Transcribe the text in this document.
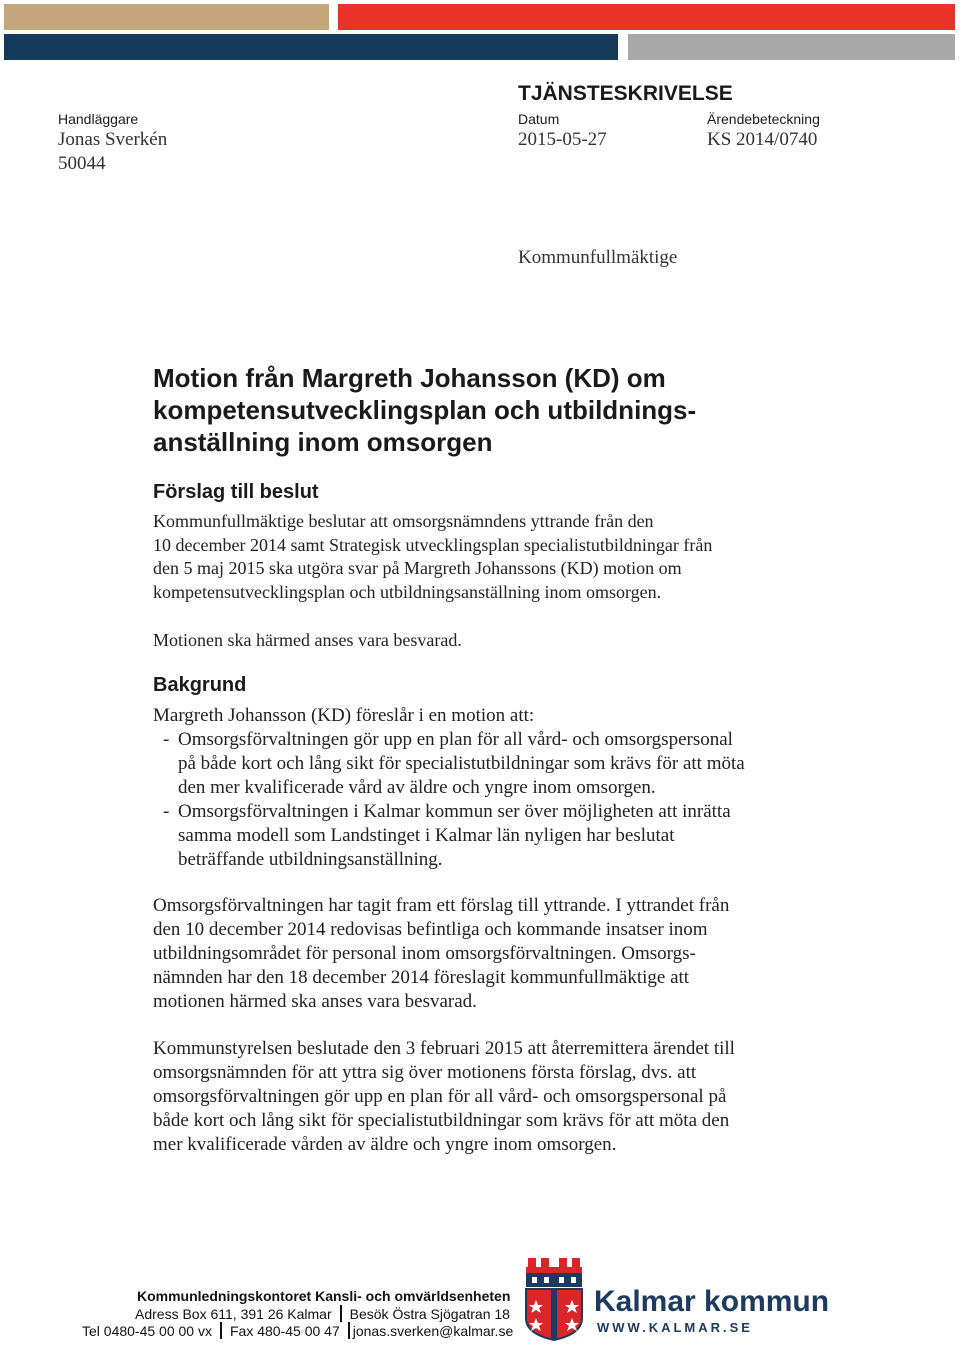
TJÄNSTESKRIVELSE
Handläggare
Jonas Sverkén
50044
Datum
2015-05-27
Ärendebeteckning
KS 2014/0740
Kommunfullmäktige
Motion från Margreth Johansson (KD) om
kompetensutvecklingsplan och utbildnings-
anställning inom omsorgen
Förslag till beslut
Kommunfullmäktige beslutar att omsorgsnämndens yttrande från den
10 december 2014 samt Strategisk utvecklingsplan specialistutbildningar från
den 5 maj 2015 ska utgöra svar på Margreth Johanssons (KD) motion om
kompetensutvecklingsplan och utbildningsanställning inom omsorgen.
Motionen ska härmed anses vara besvarad.
Bakgrund
Margreth Johansson (KD) föreslår i en motion att:
- Omsorgsförvaltningen gör upp en plan för all vård- och omsorgspersonal
på både kort och lång sikt för specialistutbildningar som krävs för att möta
den mer kvalificerade vård av äldre och yngre inom omsorgen.
- Omsorgsförvaltningen i Kalmar kommun ser över möjligheten att inrätta
samma modell som Landstinget i Kalmar län nyligen har beslutat
beträffande utbildningsanställning.
Omsorgsförvaltningen har tagit fram ett förslag till yttrande. I yttrandet från
den 10 december 2014 redovisas befintliga och kommande insatser inom
utbildningsområdet för personal inom omsorgsförvaltningen. Omsorgs-
nämnden har den 18 december 2014 föreslagit kommunfullmäktige att
motionen härmed ska anses vara besvarad.
Kommunstyrelsen beslutade den 3 februari 2015 att återremittera ärendet till
omsorgsnämnden för att yttra sig över motionens första förslag, dvs. att
omsorgsförvaltningen gör upp en plan för all vård- och omsorgspersonal på
både kort och lång sikt för specialistutbildningar som krävs för att möta den
mer kvalificerade vården av äldre och yngre inom omsorgen.
Kommunledningskontoret Kansli- och omvärldsenheten
Adress Box 611, 391 26 Kalmar Besök Östra Sjögatran 18
Tel 0480-45 00 00 vx Fax 480-45 00 47 jonas.sverken@kalmar.se
Kalmar kommun
WWW.KALMAR.SE
